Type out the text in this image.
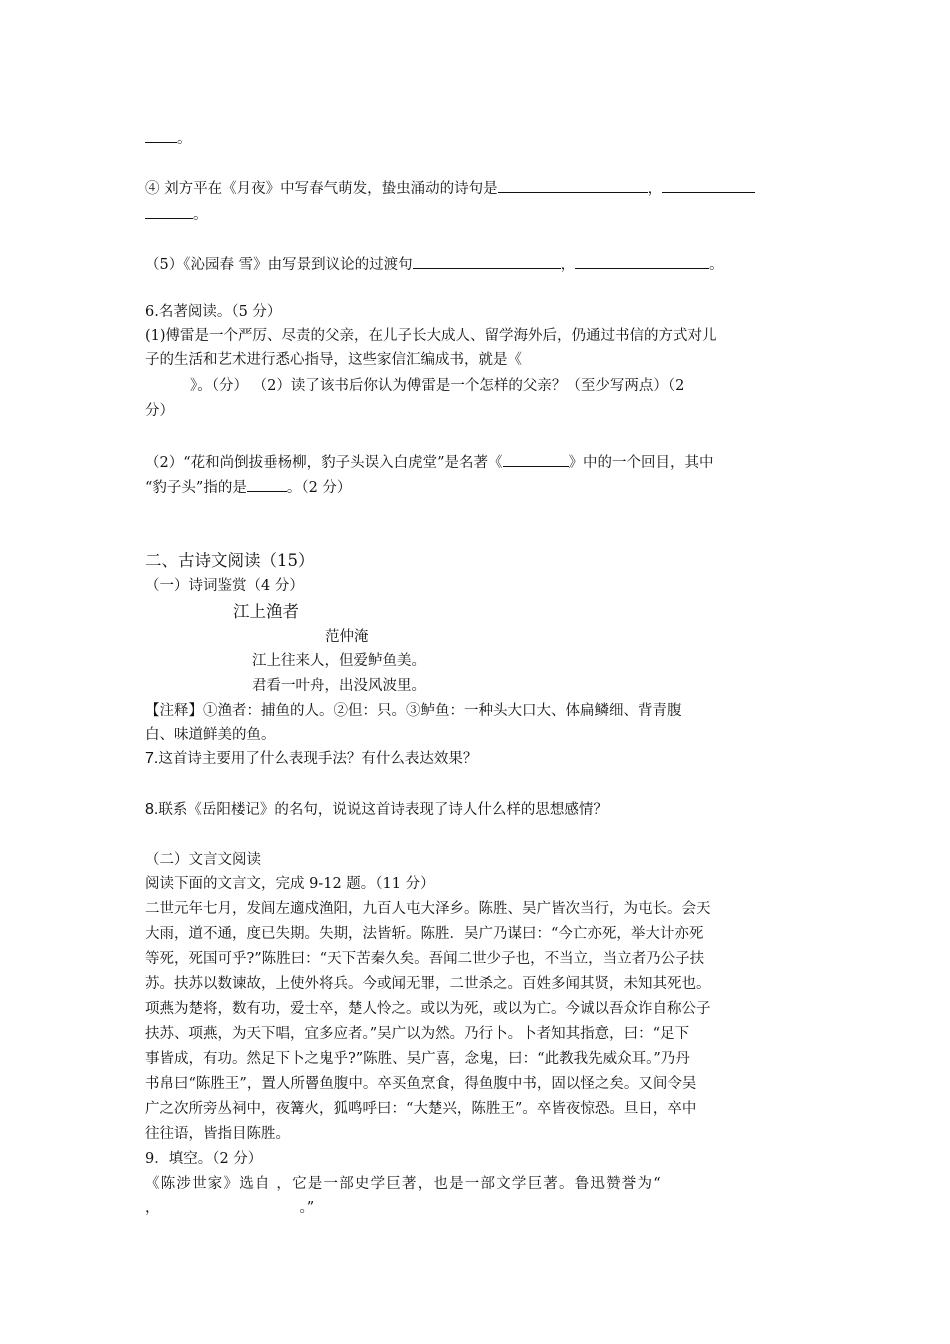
。
④ 刘方平在《月夜》中写春气萌发，蛰虫涌动的诗句是	，
。
（5）《沁园春 雪》由写景到议论的过渡句	，	。
6.名著阅读。（5 分）
(1)傅雷是一个严厉、尽责的父亲，在儿子长大成人、留学海外后，仍通过书信的方式对儿
子的生活和艺术进行悉心指导，这些家信汇编成书，就是《
》。（分） （2）读了该书后你认为傅雷是一个怎样的父亲？（至少写两点）（2
分）
（2）“花和尚倒拔垂杨柳，豹子头误入白虎堂”是名著《	》中的一个回目，其中
“豹子头”指的是	。（2 分）
二、古诗文阅读（15）
（一）诗词鉴赏（4 分）
江上渔者
范仲淹
江上往来人，但爱鲈鱼美。
君看一叶舟，出没风波里。
【注释】①渔者：捕鱼的人。②但：只。③鲈鱼：一种头大口大、体扁鳞细、背青腹
白、味道鲜美的鱼。
7.这首诗主要用了什么表现手法？有什么表达效果？
8.联系《岳阳楼记》的名句，说说这首诗表现了诗人什么样的思想感情？
（二）文言文阅读
阅读下面的文言文，完成 9-12 题。（11 分）
二世元年七月，发闾左適戍渔阳，九百人屯大泽乡。陈胜、吴广皆次当行，为屯长。会天
大雨，道不通，度已失期。失期，法皆斩。陈胜．吴广乃谋曰：“今亡亦死，举大计亦死
等死，死国可乎?”陈胜曰：“天下苦秦久矣。吾闻二世少子也，不当立，当立者乃公子扶
苏。扶苏以数谏故，上使外将兵。今或闻无罪，二世杀之。百姓多闻其贤，未知其死也。
项燕为楚将，数有功，爱士卒，楚人怜之。或以为死，或以为亡。今诚以吾众诈自称公子
扶苏、项燕，为天下唱，宜多应者。”吴广以为然。乃行卜。卜者知其指意，曰：“足下
事皆成，有功。然足下卜之鬼乎?”陈胜、吴广喜，念鬼，曰：“此教我先威众耳。”乃丹
书帛曰“陈胜王”，置人所罾鱼腹中。卒买鱼烹食，得鱼腹中书，固以怪之矣。又间令吴
广之次所旁丛祠中，夜篝火，狐鸣呼曰：“大楚兴，陈胜王”。卒皆夜惊恐。旦日，卒中
往往语，皆指目陈胜。
9．填空。（2 分）
《陈涉世家》选自 ，它是一部史学巨著，也是一部文学巨著。鲁迅赞誉为“
，	。”
